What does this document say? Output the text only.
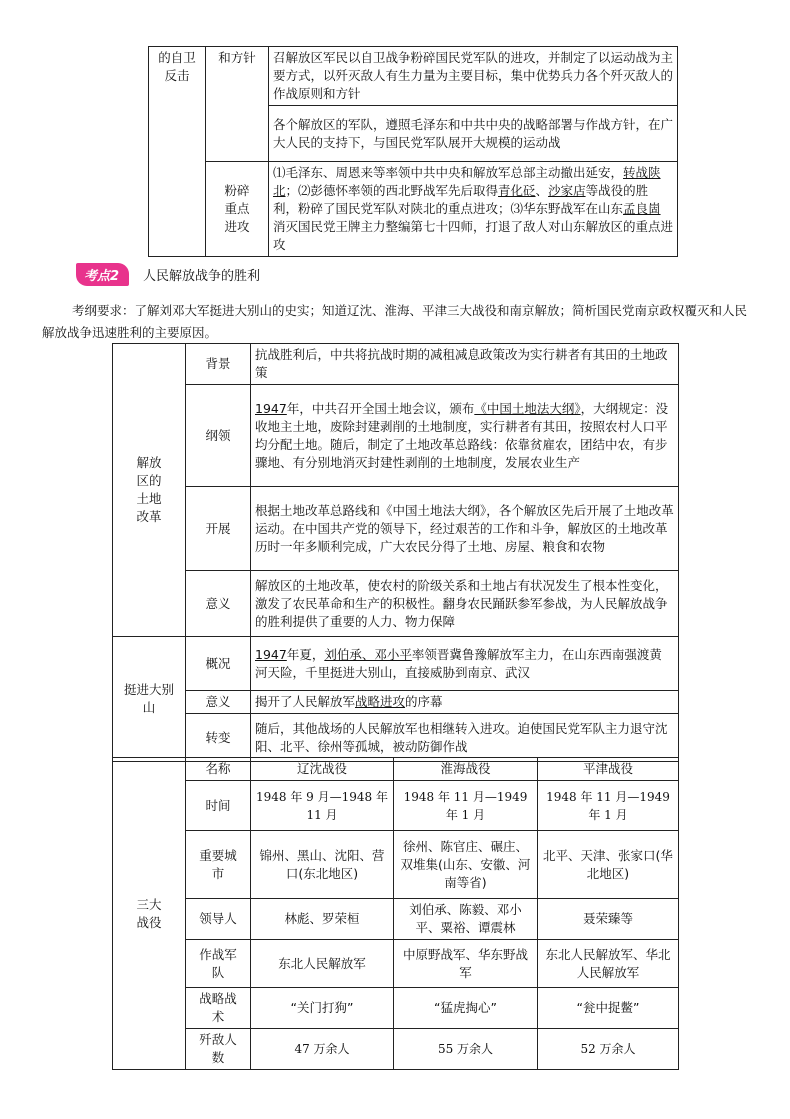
的自卫
反击	和方针	召解放区军民以自卫战争粉碎国民党军队的进攻，并制定了以运动战为主要方式，以歼灭敌人有生力量为主要目标，集中优势兵力各个歼灭敌人的作战原则和方针
		各个解放区的军队，遵照毛泽东和中共中央的战略部署与作战方针，在广大人民的支持下，与国民党军队展开大规模的运动战
	粉碎
重点
进攻	⑴毛泽东、周恩来等率领中共中央和解放军总部主动撤出延安，转战陕北；⑵彭德怀率领的西北野战军先后取得青化砭、沙家店等战役的胜利，粉碎了国民党军队对陕北的重点进攻；⑶华东野战军在山东孟良崮消灭国民党王牌主力整编第七十四师，打退了敌人对山东解放区的重点进攻
考点2	人民解放战争的胜利
考纲要求：了解刘邓大军挺进大别山的史实；知道辽沈、淮海、平津三大战役和南京解放；简析国民党南京政权覆灭和人民解放战争迅速胜利的主要原因。
解放
区的
土地
改革	背景	抗战胜利后，中共将抗战时期的减租减息政策改为实行耕者有其田的土地政策
	纲领	1947年，中共召开全国土地会议，颁布《中国土地法大纲》，大纲规定：没收地主土地，废除封建剥削的土地制度，实行耕者有其田，按照农村人口平均分配土地。随后，制定了土地改革总路线：依靠贫雇农，团结中农，有步骤地、有分别地消灭封建性剥削的土地制度，发展农业生产
	开展	根据土地改革总路线和《中国土地法大纲》，各个解放区先后开展了土地改革运动。在中国共产党的领导下，经过艰苦的工作和斗争，解放区的土地改革历时一年多顺利完成，广大农民分得了土地、房屋、粮食和农物
	意义	解放区的土地改革，使农村的阶级关系和土地占有状况发生了根本性变化，激发了农民革命和生产的积极性。翻身农民踊跃参军参战，为人民解放战争的胜利提供了重要的人力、物力保障
挺进大别
山	概况	1947年夏，刘伯承、邓小平率领晋冀鲁豫解放军主力，在山东西南强渡黄河天险，千里挺进大别山，直接威胁到南京、武汉
	意义	揭开了人民解放军战略进攻的序幕
	转变	随后，其他战场的人民解放军也相继转入进攻。迫使国民党军队主力退守沈阳、北平、徐州等孤城，被动防御作战
三大
战役	名称	辽沈战役	淮海战役	平津战役
	时间	1948 年 9 月—1948 年 11 月	1948 年 11 月—1949 年 1 月	1948 年 11 月—1949 年 1 月
	重要城
市	锦州、黑山、沈阳、营口(东北地区)	徐州、陈官庄、碾庄、双堆集(山东、安徽、河南等省)	北平、天津、张家口(华北地区)
	领导人	林彪、罗荣桓	刘伯承、陈毅、邓小平、粟裕、谭震林	聂荣臻等
	作战军
队	东北人民解放军	中原野战军、华东野战军	东北人民解放军、华北人民解放军
	战略战
术	“关门打狗”	“猛虎掏心”	“瓮中捉鳖”
	歼敌人
数	47 万余人	55 万余人	52 万余人
